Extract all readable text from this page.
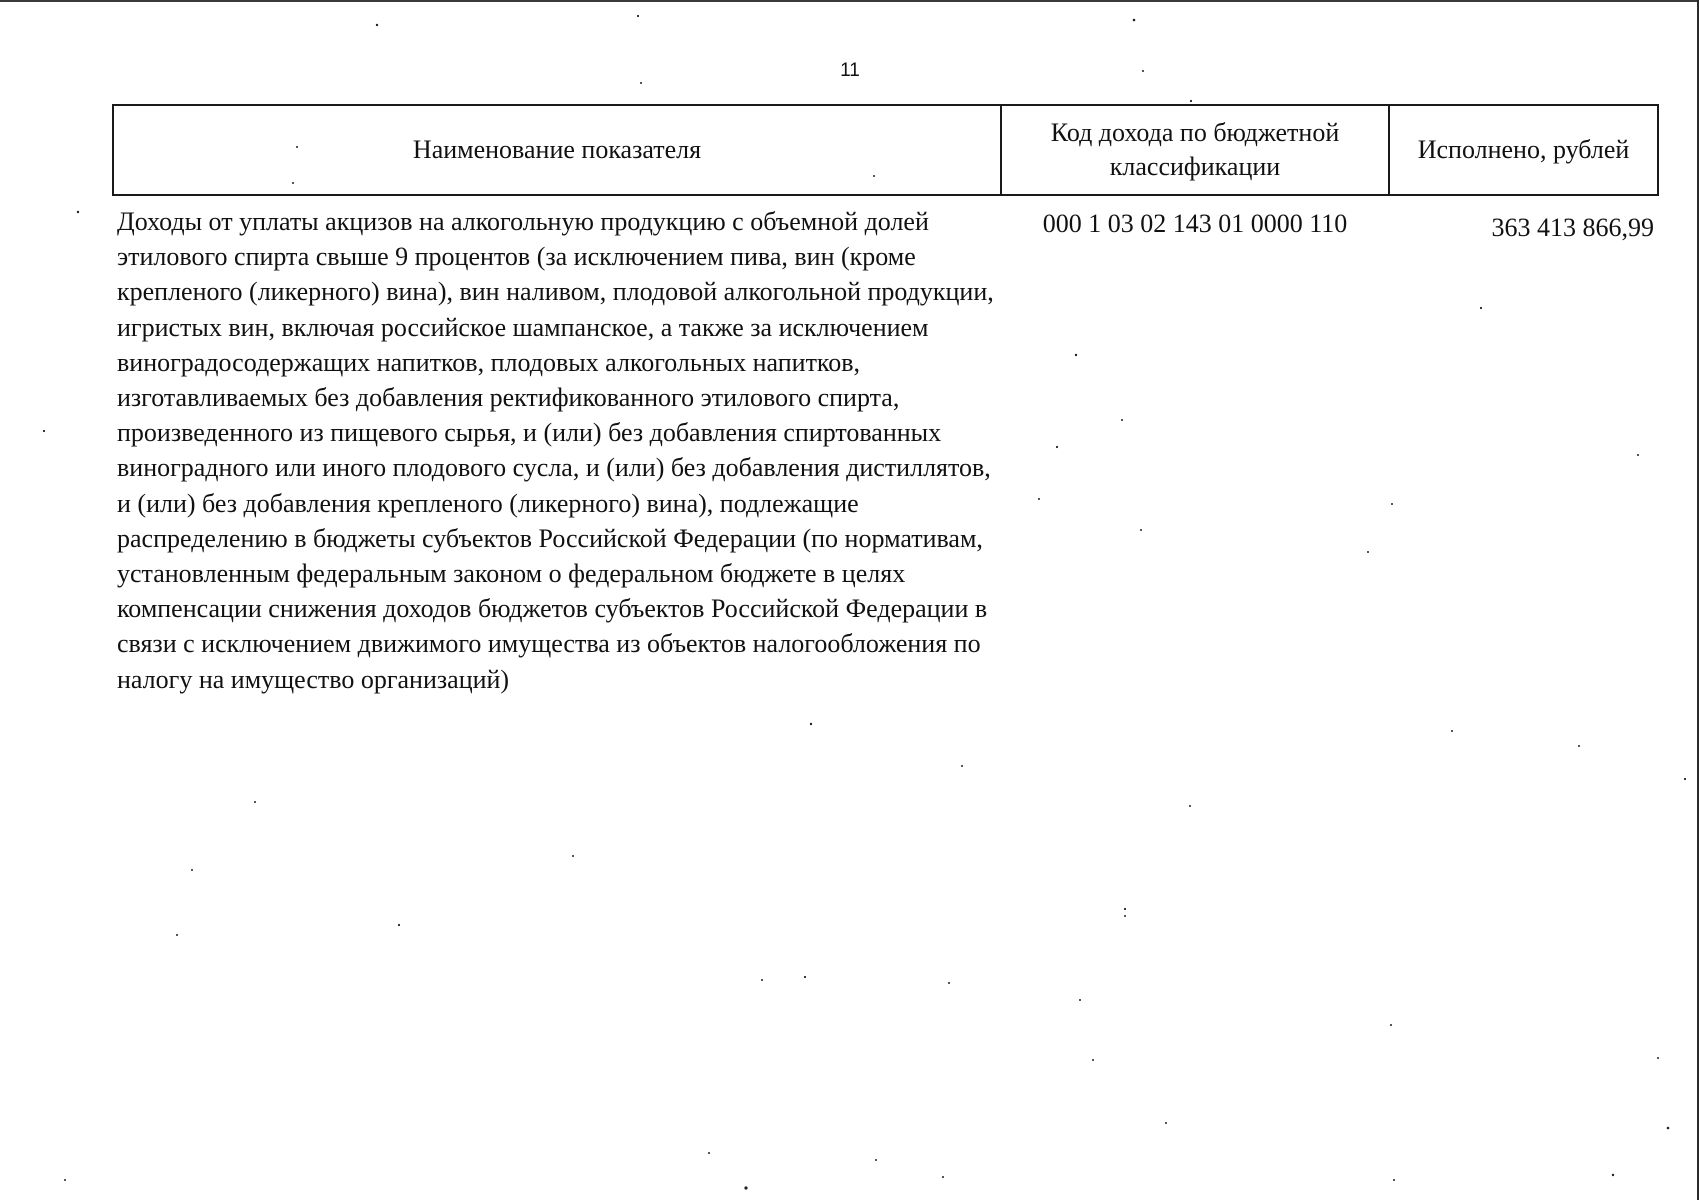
11
Наименование показателя	Код дохода по бюджетной классификации	Исполнено, рублей
Доходы от уплаты акцизов на алкогольную продукцию с объемной долей этилового спирта свыше 9 процентов (за исключением пива, вин (кроме крепленого (ликерного) вина), вин наливом, плодовой алкогольной продукции, игристых вин, включая российское шампанское, а также за исключением виноградосодержащих напитков, плодовых алкогольных напитков, изготавливаемых без добавления ректификованного этилового спирта, произведенного из пищевого сырья, и (или) без добавления спиртованных виноградного или иного плодового сусла, и (или) без добавления дистиллятов, и (или) без добавления крепленого (ликерного) вина), подлежащие распределению в бюджеты субъектов Российской Федерации (по нормативам, установленным федеральным законом о федеральном бюджете в целях компенсации снижения доходов бюджетов субъектов Российской Федерации в связи с исключением движимого имущества из объектов налогообложения по налогу на имущество организаций)	000 1 03 02 143 01 0000 110	363 413 866,99
